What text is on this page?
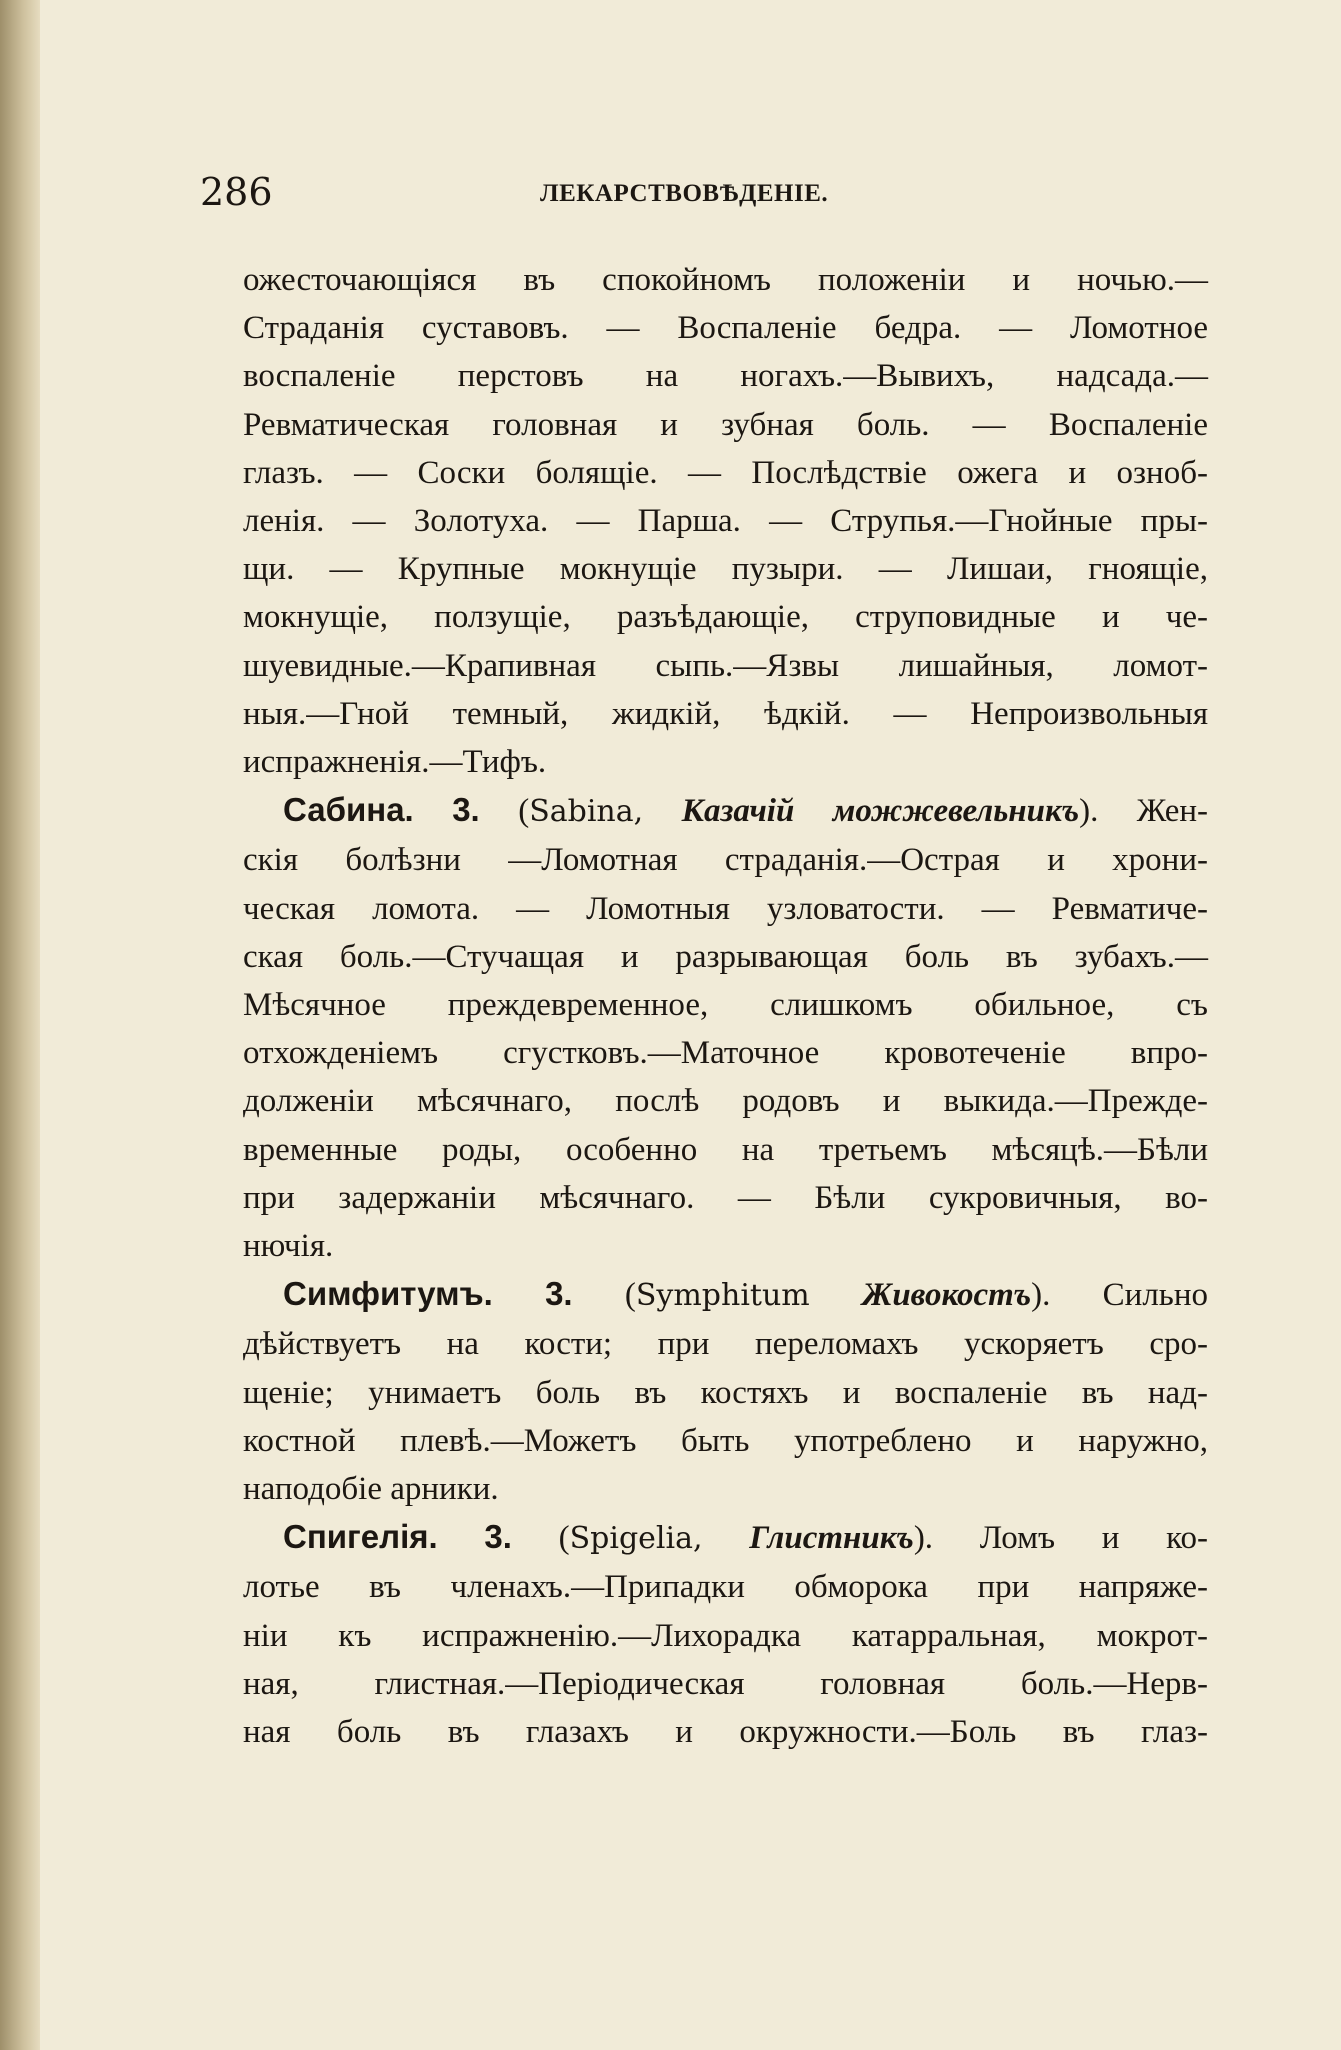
286	ЛЕКАРСТВОВѢДЕНІЕ.

ожесточающіяся въ спокойномъ положеніи и ночью.—
Страданія суставовъ. — Воспаленіе бедра. — Ломотное
воспаленіе перстовъ на ногахъ.—Вывихъ, надсада.—
Ревматическая головная и зубная боль. — Воспаленіе
глазъ. — Соски болящіе. — Послѣдствіе ожега и озноб-
ленія. — Золотуха. — Парша. — Струпья.—Гнойные пры-
щи. — Крупные мокнущіе пузыри. — Лишаи, гноящіе,
мокнущіе, ползущіе, разъѣдающіе, струповидные и че-
шуевидные.—Крапивная сыпь.—Язвы лишайныя, ломот-
ныя.—Гной темный, жидкій, ѣдкій. — Непроизвольныя
испражненія.—Тифъ.

Сабина. 3. (Sabina, Казачій можжевельникъ). Жен-
скія болѣзни —Ломотная страданія.—Острая и хрони-
ческая ломота. — Ломотныя узловатости. — Ревматиче-
ская боль.—Стучащая и разрывающая боль въ зубахъ.—
Мѣсячное преждевременное, слишкомъ обильное, съ
отхожденіемъ сгустковъ.—Маточное кровотеченіе впро-
долженіи мѣсячнаго, послѣ родовъ и выкида.—Прежде-
временные роды, особенно на третьемъ мѣсяцѣ.—Бѣли
при задержаніи мѣсячнаго. — Бѣли сукровичныя, во-
нючія.

Симфитумъ. 3. (Symphitum Живокостъ). Сильно
дѣйствуетъ на кости; при переломахъ ускоряетъ сро-
щеніе; унимаетъ боль въ костяхъ и воспаленіе въ над-
костной плевѣ.—Можетъ быть употреблено и наружно,
наподобіе арники.

Спигелія. 3. (Spigelia, Глистникъ). Ломъ и ко-
лотье въ членахъ.—Припадки обморока при напряже-
ніи къ испражненію.—Лихорадка катарральная, мокрот-
ная, глистная.—Періодическая головная боль.—Нерв-
ная боль въ глазахъ и окружности.—Боль въ глаз-
